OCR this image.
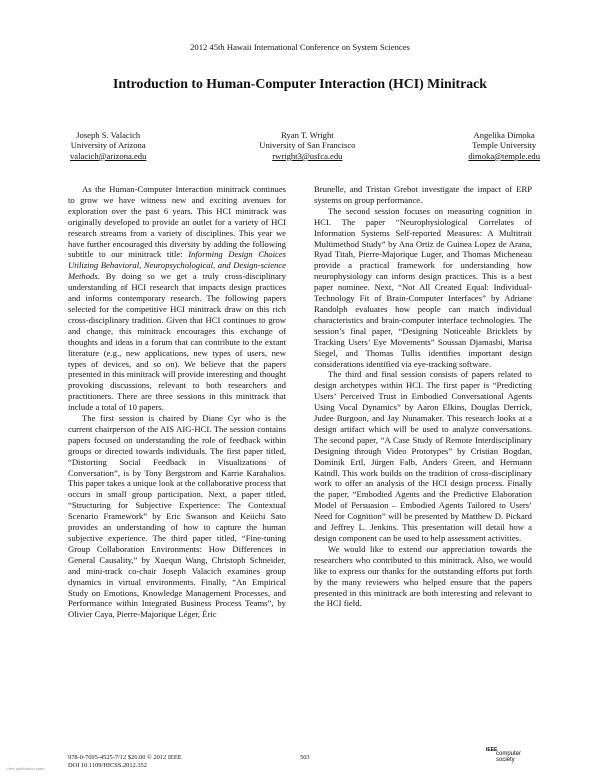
2012 45th Hawaii International Conference on System Sciences
Introduction to Human-Computer Interaction (HCI) Minitrack
Joseph S. Valacich
University of Arizona
valacich@arizona.edu
Ryan T. Wright
University of San Francisco
rwright3@usfca.edu
Angelika Dimoka
Temple University
dimoka@temple.edu

As the Human-Computer Interaction minitrack continues to grow we have witness new and exciting avenues for exploration over the past 6 years. This HCI minitrack was originally developed to provide an outlet for a variety of HCI research streams from a variety of disciplines. This year we have further encouraged this diversity by adding the following subtitle to our minitrack title: Informing Design Choices Utilizing Behavioral, Neuropsychological, and Design-science Methods. By doing so we get a truly cross-disciplinary understanding of HCI research that impacts design practices and informs contemporary research. The following papers selected for the competitive HCI minitrack draw on this rich cross-disciplinary tradition. Given that HCI continues to grow and change, this minitrack encourages this exchange of thoughts and ideas in a forum that can contribute to the extant literature (e.g., new applications, new types of users, new types of devices, and so on). We believe that the papers presented in this minitrack will provide interesting and thought provoking discussions, relevant to both researchers and practitioners. There are three sessions in this minitrack that include a total of 10 papers.

The first session is chaired by Diane Cyr who is the current chairperson of the AIS AIG-HCI. The session contains papers focused on understanding the role of feedback within groups or directed towards individuals. The first paper titled, “Distorting Social Feedback in Visualizations of Conversation”, is by Tony Bergstrom and Karrie Karahalios. This paper takes a unique look at the collaborative process that occurs in small group participation. Next, a paper titled, “Structuring for Subjective Experience: The Contextual Scenario Framework” by Eric Swanson and Keiichi Sato provides an understanding of how to capture the human subjective experience. The third paper titled, “Fine-tuning Group Collaboration Environments: How Differences in General Causality,” by Xuequn Wang, Christoph Schneider, and mini-track co-chair Joseph Valacich examines group dynamics in virtual environments. Finally, “An Empirical Study on Emotions, Knowledge Management Processes, and Performance within Integrated Business Process Teams”, by Olivier Caya, Pierre-Majorique Léger, Éric

Brunelle, and Tristan Grebot investigate the impact of ERP systems on group performance.

The second session focuses on measuring cognition in HCI. The paper “Neurophysiological Correlates of Information Systems Self-reported Measures: A Multitrait Multimethod Study” by Ana Ortiz de Guinea Lopez de Arana, Ryad Titah, Pierre-Majorique Luger, and Thomas Micheneau provide a practical framework for understanding how neurophysiology can inform design practices. This is a best paper nominee. Next, “Not All Created Equal: Individual-Technology Fit of Brain-Computer Interfaces” by Adriane Randolph evaluates how people can match individual characteristics and brain-computer interface technologies. The session’s final paper, “Designing Noticeable Bricklets by Tracking Users’ Eye Movements” Soussan Djamasbi, Marisa Siegel, and Thomas Tullis identifies important design considerations identified via eye-tracking software.

The third and final session consists of papers related to design archetypes within HCI. The first paper is “Predicting Users’ Perceived Trust in Embodied Conversational Agents Using Vocal Dynamics” by Aaron Elkins, Douglas Derrick, Judee Burgoon, and Jay Nunamaker. This research looks at a design artifact which will be used to analyze conversations. The second paper, “A Case Study of Remote Interdisciplinary Designing through Video Prototypes” by Cristian Bogdan, Dominik Ertl, Jürgen Falb, Anders Green, and Hermann Kaindl. This work builds on the tradition of cross-disciplinary work to offer an analysis of the HCI design process. Finally the paper, “Embodied Agents and the Predictive Elaboration Model of Persuasion – Embodied Agents Tailored to Users’ Need for Cognition” will be presented by Matthew D. Pickard and Jeffrey L. Jenkins. This presentation will detail how a design component can be used to help assessment activities.

We would like to extend our appreciation towards the researchers who contributed to this minitrack. Also, we would like to express our thanks for the outstanding efforts put forth by the many reviewers who helped ensure that the papers presented in this minitrack are both interesting and relevant to the HCI field.

978-0-7695-4525-7/12 $26.00 © 2012 IEEE
DOI 10.1109/HICSS.2012.352
503
IEEE
computer
society
View publication stats
